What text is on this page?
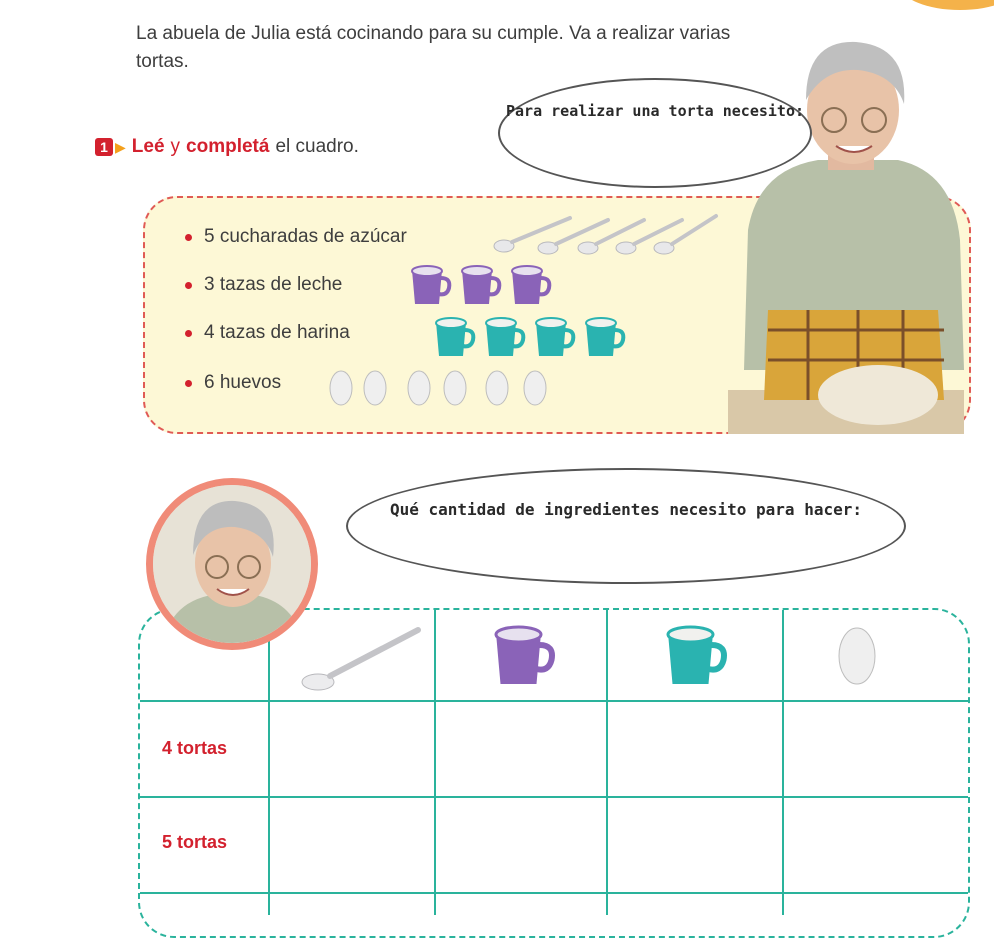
La abuela de Julia está cocinando para su cumple. Va a realizar varias tortas.
1 ▶ Leé y completá el cuadro.
5 cucharadas de azúcar
3 tazas de leche
4 tazas de harina
6 huevos
Para realizar una torta necesito:
Qué cantidad de ingredientes necesito para hacer:
4 tortas
5 tortas
